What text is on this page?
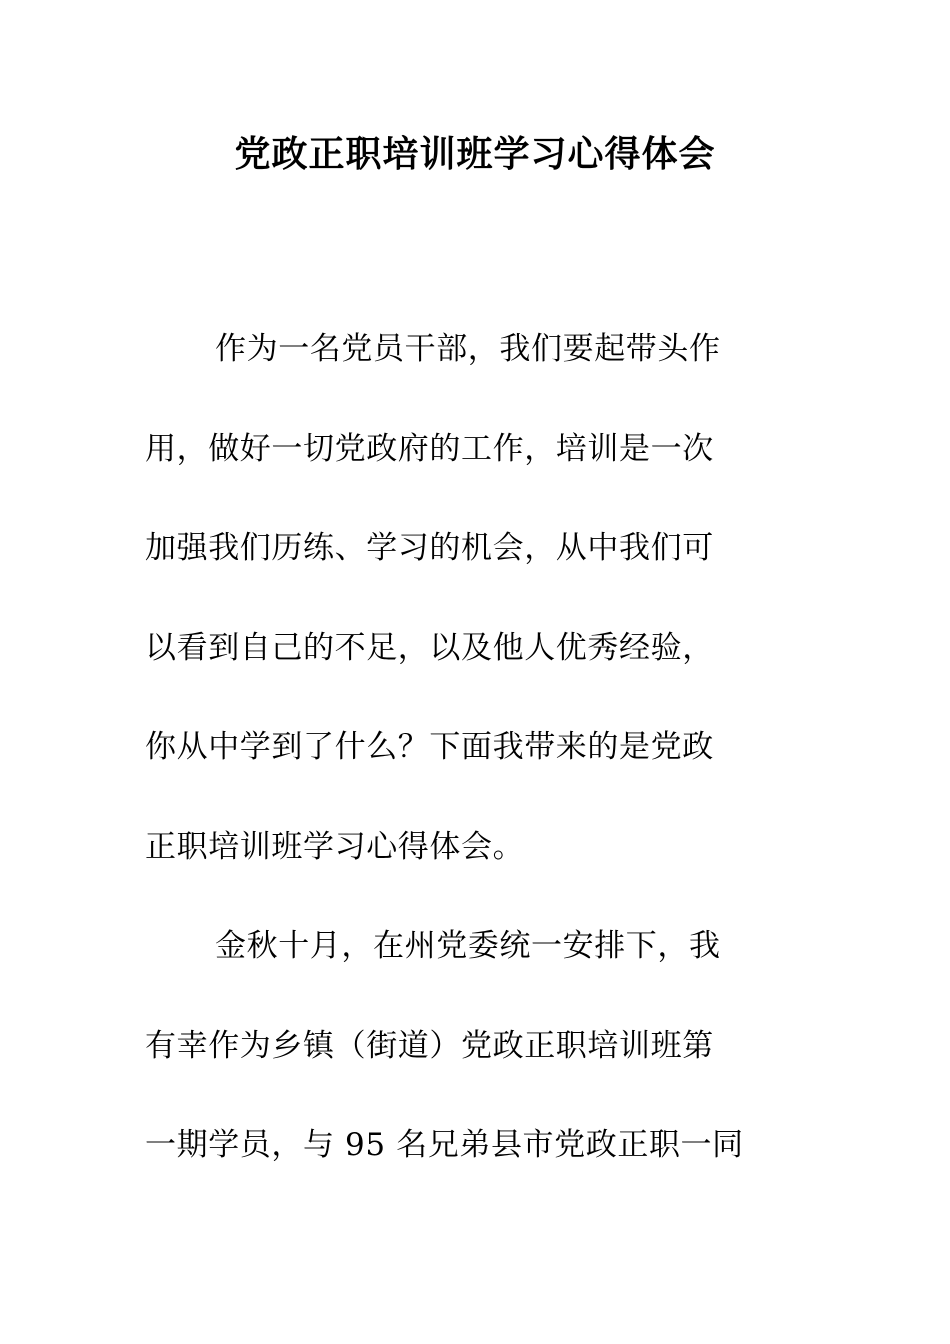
党政正职培训班学习心得体会

作为一名党员干部，我们要起带头作
用，做好一切党政府的工作，培训是一次
加强我们历练、学习的机会，从中我们可
以看到自己的不足，以及他人优秀经验，
你从中学到了什么？下面我带来的是党政
正职培训班学习心得体会。

金秋十月，在州党委统一安排下，我
有幸作为乡镇（街道）党政正职培训班第
一期学员，与 95 名兄弟县市党政正职一同
